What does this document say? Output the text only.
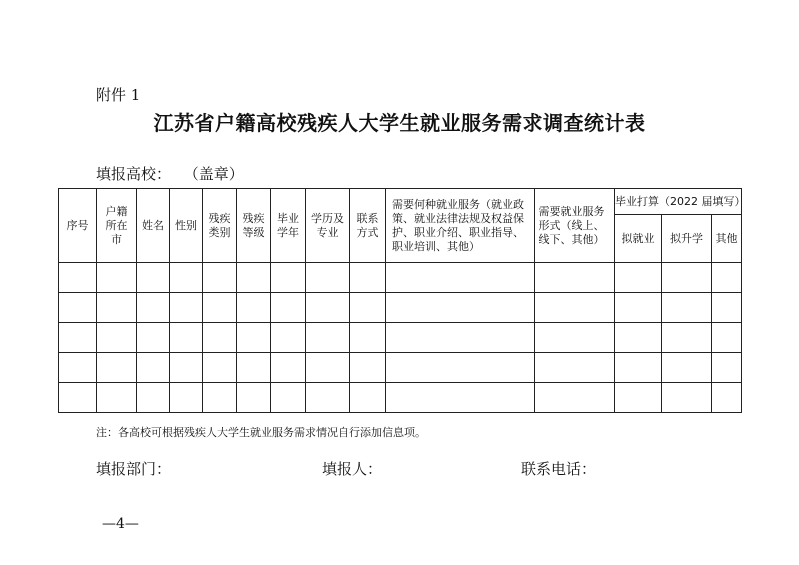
附件 1
江苏省户籍高校残疾人大学生就业服务需求调查统计表
填报高校： （盖章）
序号	户籍所在市	姓名	性别	残疾类别	残疾等级	毕业学年	学历及专业	联系方式	需要何种就业服务（就业政策、就业法律法规及权益保护、职业介绍、职业指导、职业培训、其他）	需要就业服务形式（线上、线下、其他）	毕业打算（2022 届填写）		
											拟就业	拟升学	其他

注：各高校可根据残疾人大学生就业服务需求情况自行添加信息项。
填报部门：	填报人：	联系电话：
—4—
